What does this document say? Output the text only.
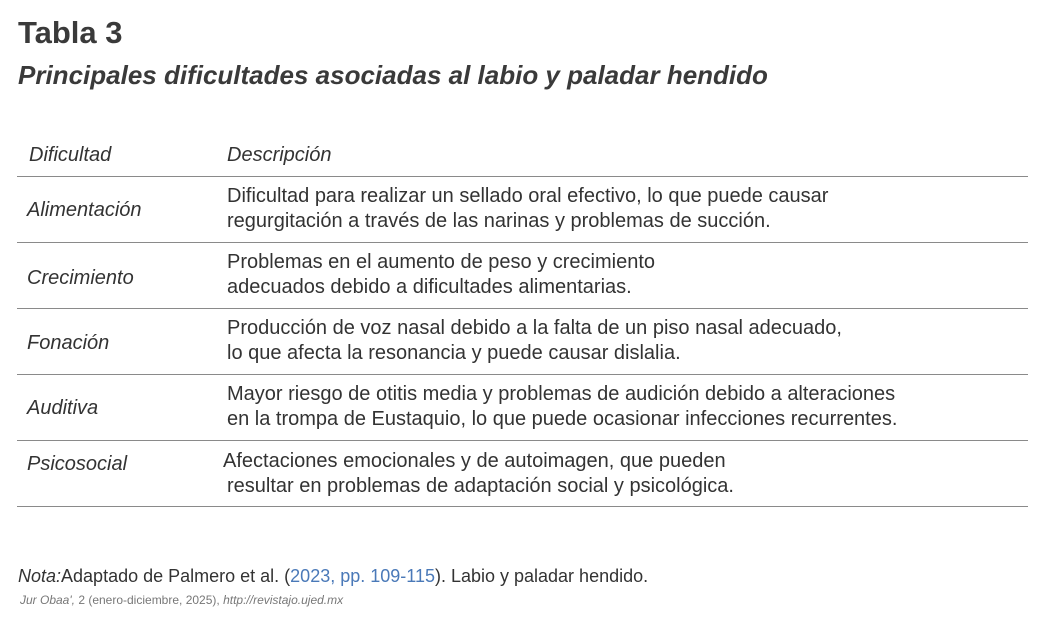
Tabla 3
Principales dificultades asociadas al labio y paladar hendido
Dificultad	Descripción
Alimentación
Dificultad para realizar un sellado oral efectivo, lo que puede causar
regurgitación a través de las narinas y problemas de succión.
Crecimiento
Problemas en el aumento de peso y crecimiento
adecuados debido a dificultades alimentarias.
Fonación
Producción de voz nasal debido a la falta de un piso nasal adecuado,
lo que afecta la resonancia y puede causar dislalia.
Auditiva
Mayor riesgo de otitis media y problemas de audición debido a alteraciones
en la trompa de Eustaquio, lo que puede ocasionar infecciones recurrentes.
Psicosocial	Afectaciones emocionales y de autoimagen, que pueden
resultar en problemas de adaptación social y psicológica.
Nota:Adaptado de Palmero et al. (2023, pp. 109-115). Labio y paladar hendido.
Jur Obaa', 2 (enero-diciembre, 2025), http://revistajo.ujed.mx
